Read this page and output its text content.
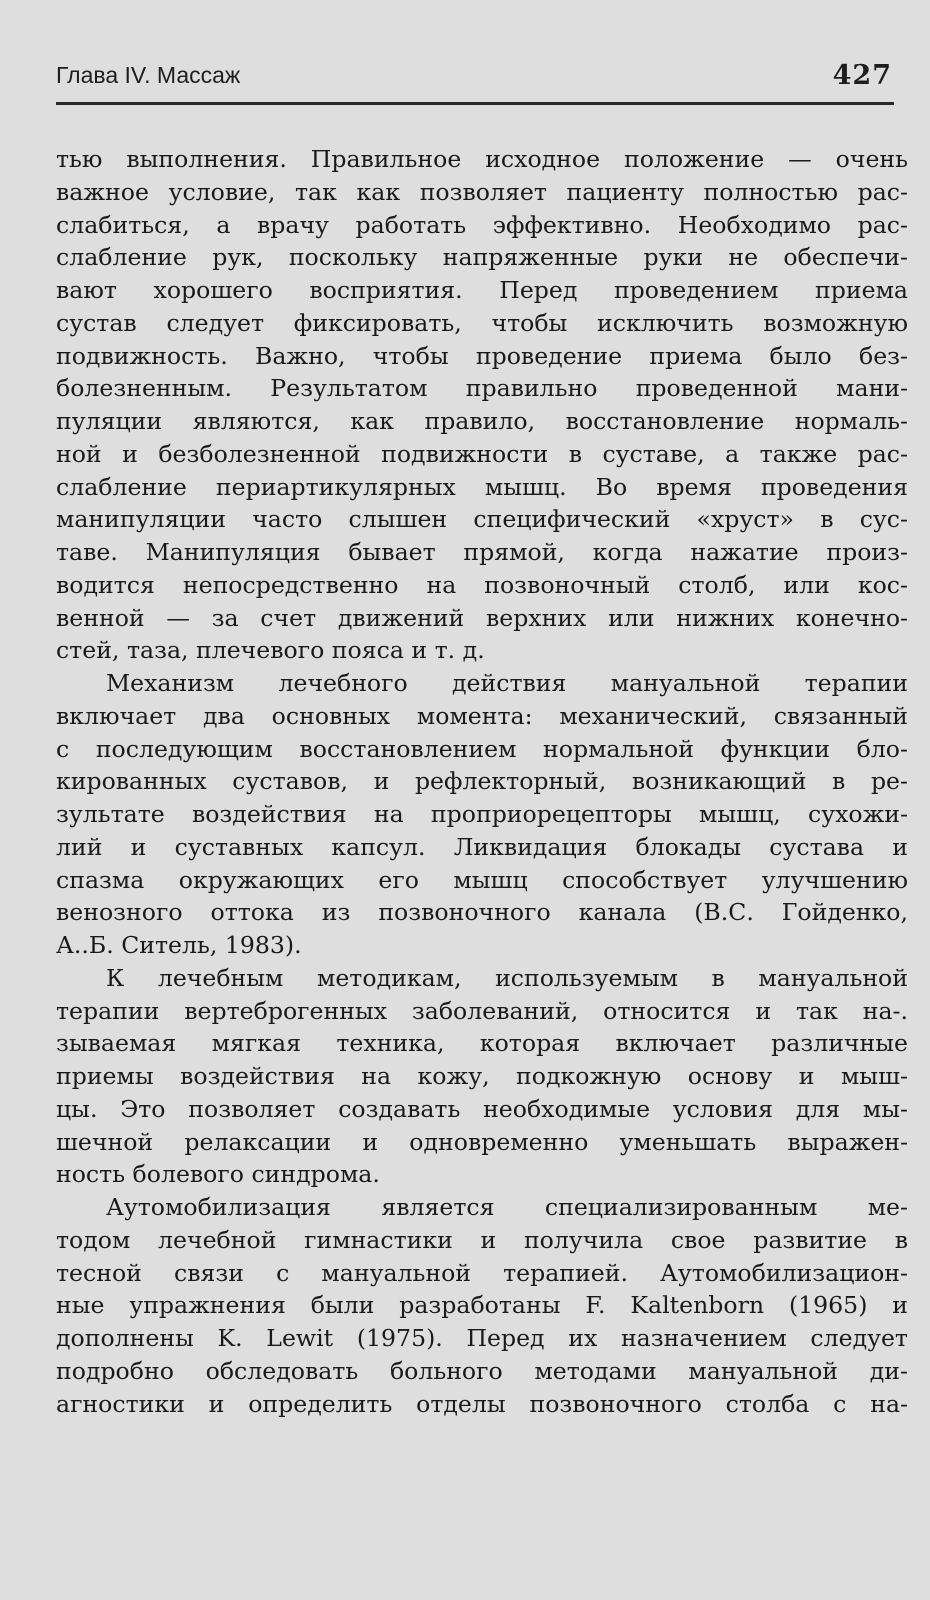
Глава IV. Массаж	427

тью выполнения. Правильное исходное положение — очень

важное условие, так как позволяет пациенту полностью рас-

слабиться, а врачу работать эффективно. Необходимо рас-

слабление рук, поскольку напряженные руки не обеспечи-

вают хорошего восприятия. Перед проведением приема

сустав следует фиксировать, чтобы исключить возможную

подвижность. Важно, чтобы проведение приема было без-

болезненным. Результатом правильно проведенной мани-

пуляции являются, как правило, восстановление нормаль-

ной и безболезненной подвижности в суставе, а также рас-

слабление периартикулярных мышц. Во время проведения

манипуляции часто слышен специфический «хруст» в сус-

таве. Манипуляция бывает прямой, когда нажатие произ-

водится непосредственно на позвоночный столб, или кос-

венной — за счет движений верхних или нижних конечно-

стей, таза, плечевого пояса и т. д.

Механизм лечебного действия мануальной терапии

включает два основных момента: механический, связанный

с последующим восстановлением нормальной функции бло-

кированных суставов, и рефлекторный, возникающий в ре-

зультате воздействия на проприорецепторы мышц, сухожи-

лий и суставных капсул. Ликвидация блокады сустава и

спазма окружающих его мышц способствует улучшению

венозного оттока из позвоночного канала (В.С. Гойденко,

А..Б. Ситель, 1983).

К лечебным методикам, используемым в мануальной

терапии вертеброгенных заболеваний, относится и так на-.

зываемая мягкая техника, которая включает различные

приемы воздействия на кожу, подкожную основу и мыш-

цы. Это позволяет создавать необходимые условия для мы-

шечной релаксации и одновременно уменьшать выражен-

ность болевого синдрома.

Аутомобилизация является специализированным ме-

тодом лечебной гимнастики и получила свое развитие в

тесной связи с мануальной терапией. Аутомобилизацион-

ные упражнения были разработаны F. Kaltenborn (1965) и

дополнены K. Lewit (1975). Перед их назначением следует

подробно обследовать больного методами мануальной ди-

агностики и определить отделы позвоночного столба с на-
